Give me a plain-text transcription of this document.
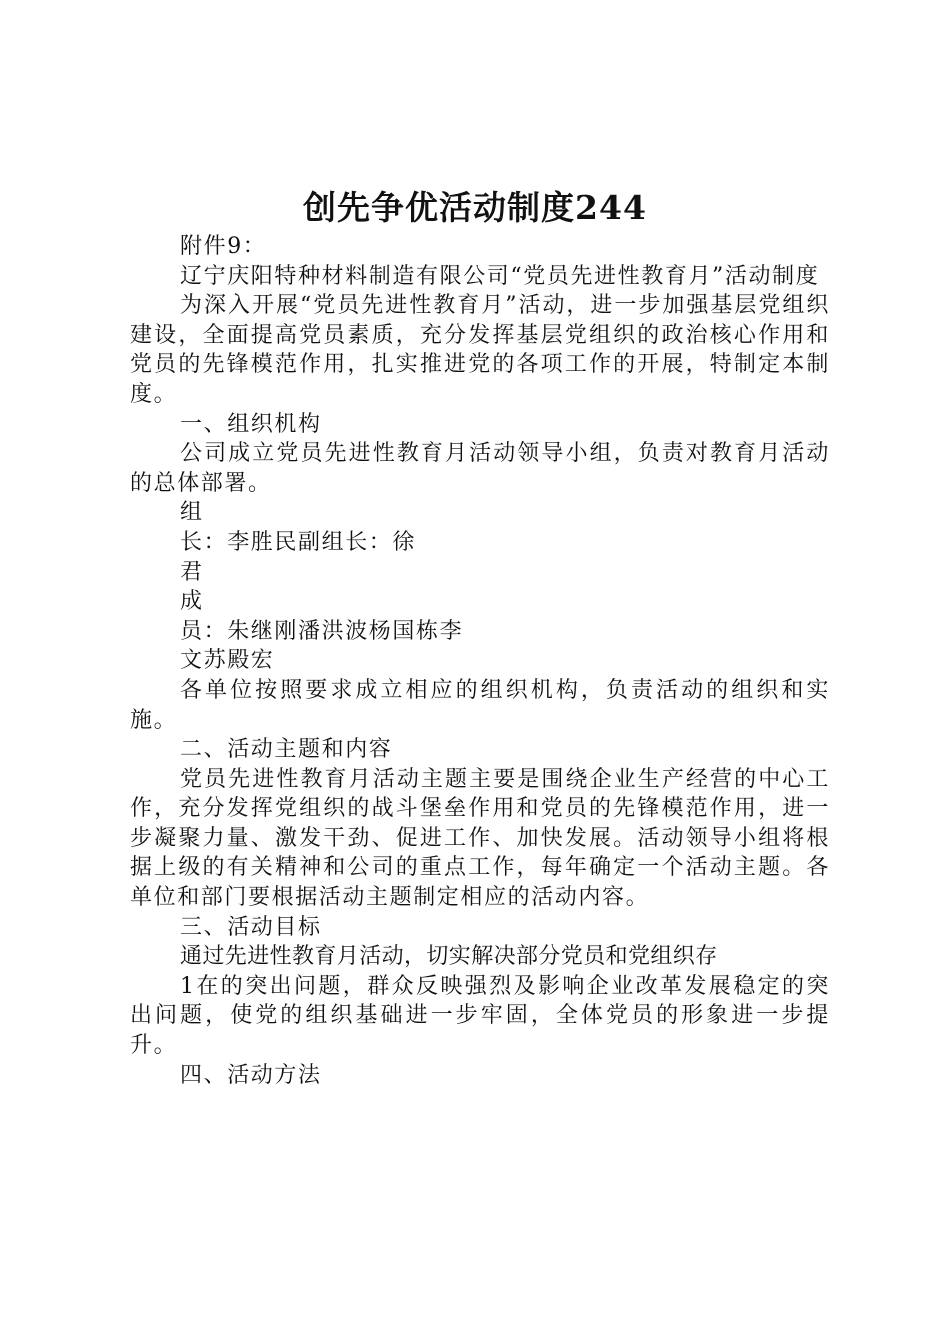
创先争优活动制度244

附件9：

辽宁庆阳特种材料制造有限公司“党员先进性教育月”活动制度

为深入开展“党员先进性教育月”活动，进一步加强基层党组织建设，全面提高党员素质，充分发挥基层党组织的政治核心作用和党员的先锋模范作用，扎实推进党的各项工作的开展，特制定本制度。

一、组织机构

公司成立党员先进性教育月活动领导小组，负责对教育月活动的总体部署。

组

长：李胜民副组长：徐

君

成

员：朱继刚潘洪波杨国栋李

文苏殿宏

各单位按照要求成立相应的组织机构，负责活动的组织和实施。

二、活动主题和内容

党员先进性教育月活动主题主要是围绕企业生产经营的中心工作，充分发挥党组织的战斗堡垒作用和党员的先锋模范作用，进一步凝聚力量、激发干劲、促进工作、加快发展。活动领导小组将根据上级的有关精神和公司的重点工作，每年确定一个活动主题。各单位和部门要根据活动主题制定相应的活动内容。

三、活动目标

通过先进性教育月活动，切实解决部分党员和党组织存

1在的突出问题，群众反映强烈及影响企业改革发展稳定的突出问题，使党的组织基础进一步牢固，全体党员的形象进一步提升。

四、活动方法
